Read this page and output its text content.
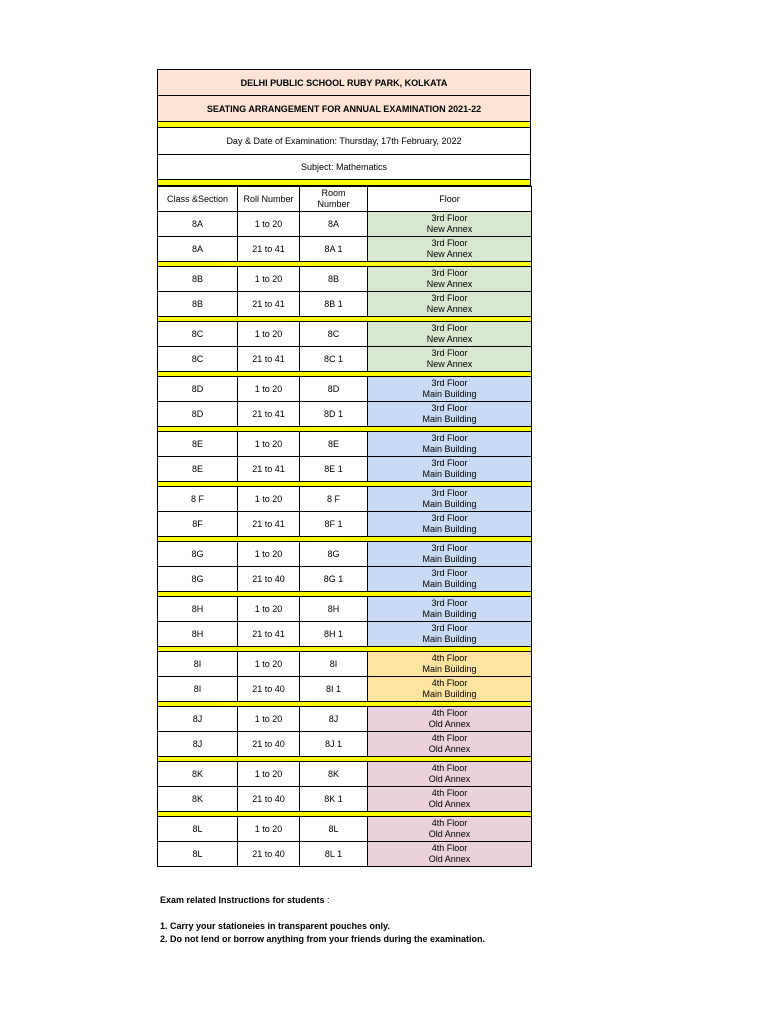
DELHI PUBLIC SCHOOL RUBY PARK, KOLKATA
SEATING ARRANGEMENT FOR ANNUAL EXAMINATION 2021-22
Day & Date of Examination: Thursday, 17th February, 2022
Subject: Mathematics
Class &Section	Roll Number	Room Number	Floor
8A	1 to 20	8A	3rd Floor
New Annex

8A	21 to 41	8A 1	3rd Floor
New Annex

8B	1 to 20	8B	3rd Floor
New Annex

8B	21 to 41	8B 1	3rd Floor
New Annex

8C	1 to 20	8C	3rd Floor
New Annex

8C	21 to 41	8C 1	3rd Floor
New Annex

8D	1 to 20	8D	3rd Floor
Main Building

8D	21 to 41	8D 1	3rd Floor
Main Building

8E	1 to 20	8E	3rd Floor
Main Building

8E	21 to 41	8E 1	3rd Floor
Main Building

8 F	1 to 20	8 F	3rd Floor
Main Building

8F	21 to 41	8F 1	3rd Floor
Main Building

8G	1 to 20	8G	3rd Floor
Main Building

8G	21 to 40	8G 1	3rd Floor
Main Building

8H	1 to 20	8H	3rd Floor
Main Building

8H	21 to 41	8H 1	3rd Floor
Main Building

8I	1 to 20	8I	4th Floor
Main Building

8I	21 to 40	8I 1	4th Floor
Main Building

8J	1 to 20	8J	4th Floor
Old Annex

8J	21 to 40	8J 1	4th Floor
Old Annex

8K	1 to 20	8K	4th Floor
Old Annex

8K	21 to 40	8K 1	4th Floor
Old Annex

8L	1 to 20	8L	4th Floor
Old Annex

8L	21 to 40	8L 1	4th Floor
Old Annex
Exam related Instructions for students :
1. Carry your stationeies in transparent pouches only.
2. Do not lend or borrow anything from your friends during the examination.
